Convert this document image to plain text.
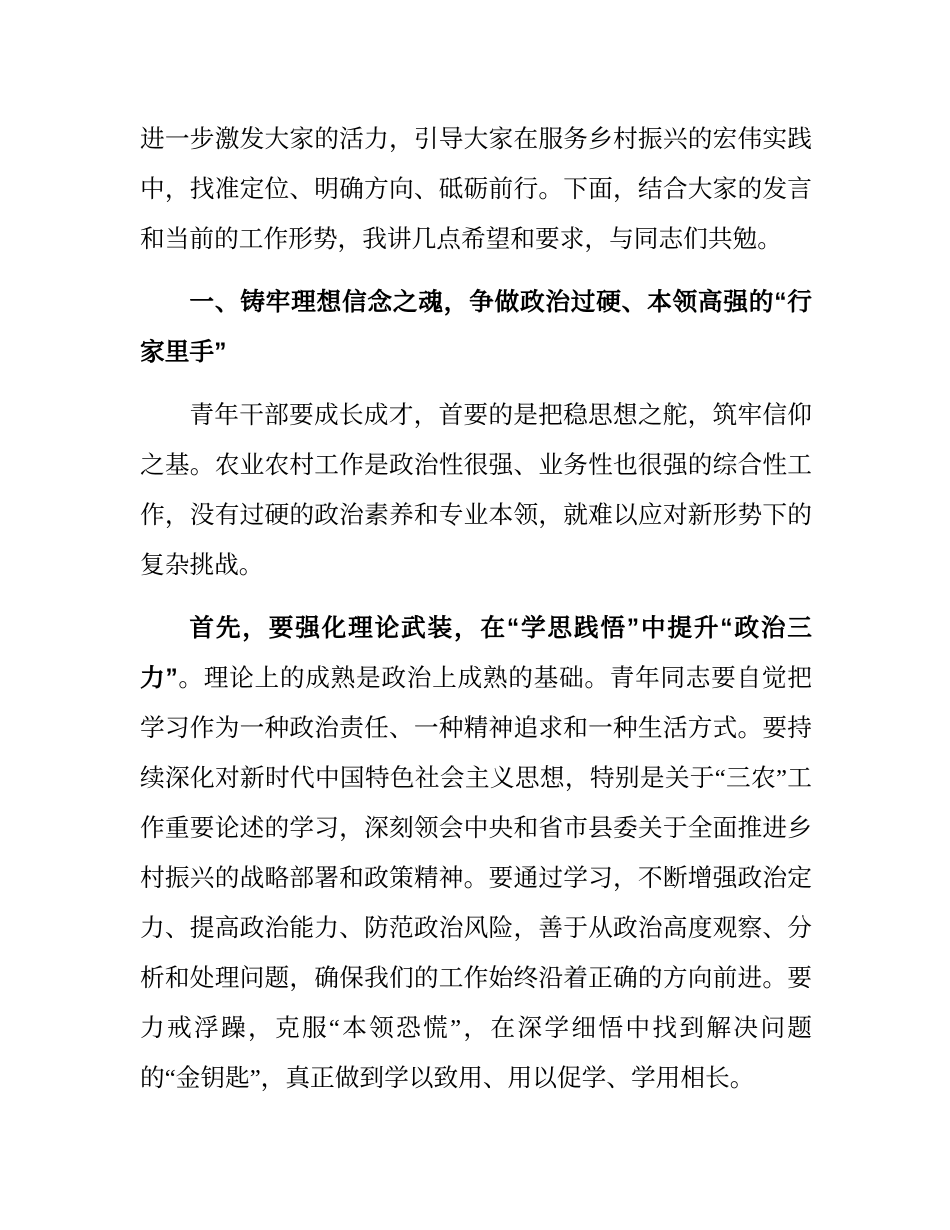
进一步激发大家的活力，引导大家在服务乡村振兴的宏伟实践中，找准定位、明确方向、砥砺前行。下面，结合大家的发言和当前的工作形势，我讲几点希望和要求，与同志们共勉。

一、铸牢理想信念之魂，争做政治过硬、本领高强的“行家里手”

青年干部要成长成才，首要的是把稳思想之舵，筑牢信仰之基。农业农村工作是政治性很强、业务性也很强的综合性工作，没有过硬的政治素养和专业本领，就难以应对新形势下的复杂挑战。

首先，要强化理论武装，在“学思践悟”中提升“政治三力”。理论上的成熟是政治上成熟的基础。青年同志要自觉把学习作为一种政治责任、一种精神追求和一种生活方式。要持续深化对新时代中国特色社会主义思想，特别是关于“三农”工作重要论述的学习，深刻领会中央和省市县委关于全面推进乡村振兴的战略部署和政策精神。要通过学习，不断增强政治定力、提高政治能力、防范政治风险，善于从政治高度观察、分析和处理问题，确保我们的工作始终沿着正确的方向前进。要力戒浮躁，克服“本领恐慌”，在深学细悟中找到解决问题的“金钥匙”，真正做到学以致用、用以促学、学用相长。
